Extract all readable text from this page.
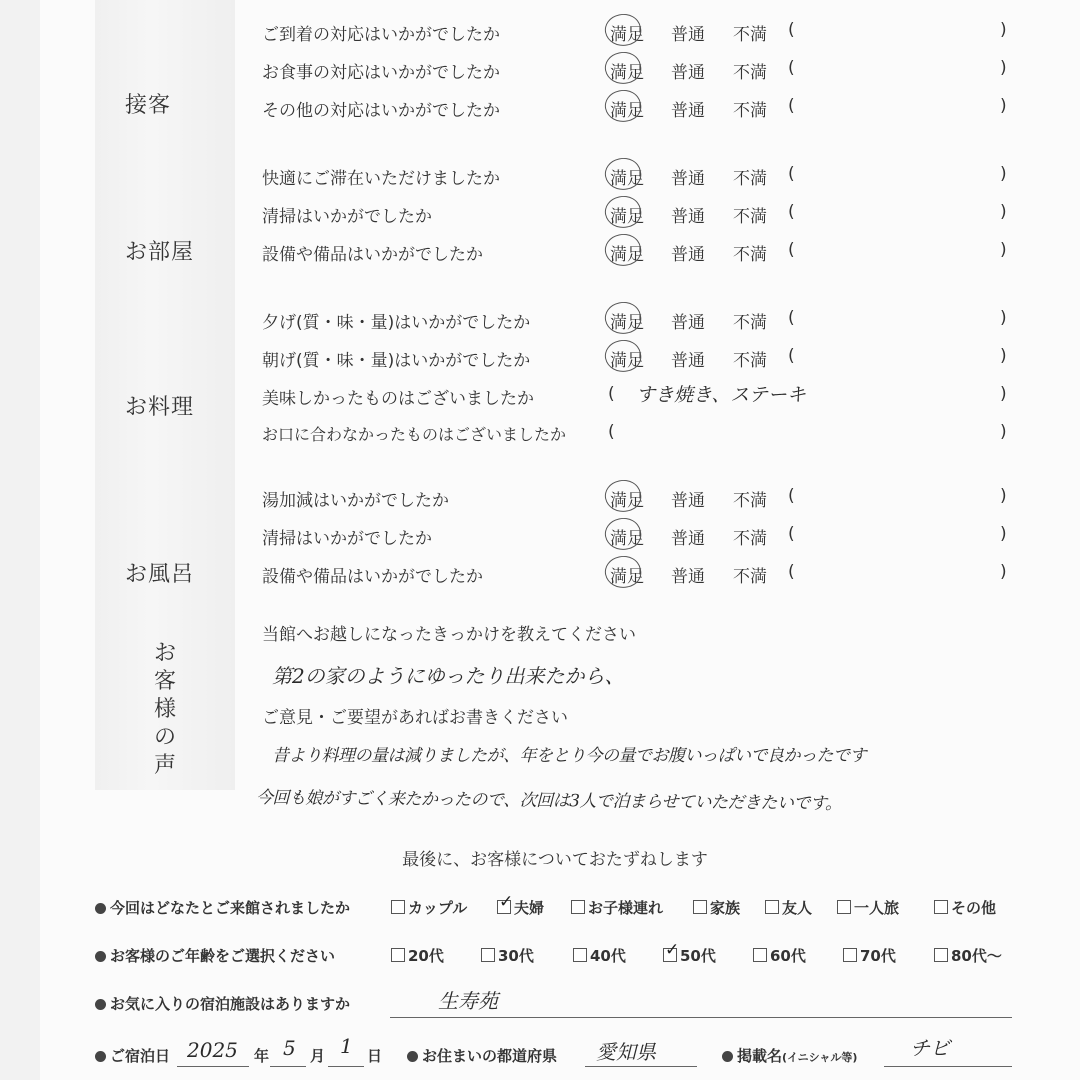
接客
お部屋
お料理
お風呂
お
客
様
の
声
ご到着の対応はいかがでしたか	満足 普通 不満 (	)
お食事の対応はいかがでしたか	満足 普通 不満 (	)
その他の対応はいかがでしたか	満足 普通 不満 (	)
快適にご滞在いただけましたか	満足 普通 不満 (	)
清掃はいかがでしたか	満足 普通 不満 (	)
設備や備品はいかがでしたか	満足 普通 不満 (	)
夕げ(質・味・量)はいかがでしたか	満足 普通 不満 (	)
朝げ(質・味・量)はいかがでしたか	満足 普通 不満 (	)
美味しかったものはございましたか	( すき焼き、ステーキ	)
お口に合わなかったものはございましたか (	)
湯加減はいかがでしたか	満足 普通 不満 (	)
清掃はいかがでしたか	満足 普通 不満 (	)
設備や備品はいかがでしたか	満足 普通 不満 (	)
当館へお越しになったきっかけを教えてください
第2の家のようにゆったり出来たから、
ご意見・ご要望があればお書きください
昔より料理の量は減りましたが、年をとり今の量でお腹いっぱいで良かったです
今回も娘がすごく来たかったので、次回は3人で泊まらせていただきたいです。
最後に、お客様についておたずねします
今回はどなたとご来館されましたか	カップル ✓ 夫婦	お子様連れ	家族	友人	一人旅	その他
お客様のご年齢をご選択ください	20代	30代	40代 ✓ 50代	60代	70代	80代〜
お気に入りの宿泊施設はありますか	生寿苑
ご宿泊日 2025 年 5 月 1 日	お住まいの都道府県 愛知県	掲載名(イニシャル等)	チビ
